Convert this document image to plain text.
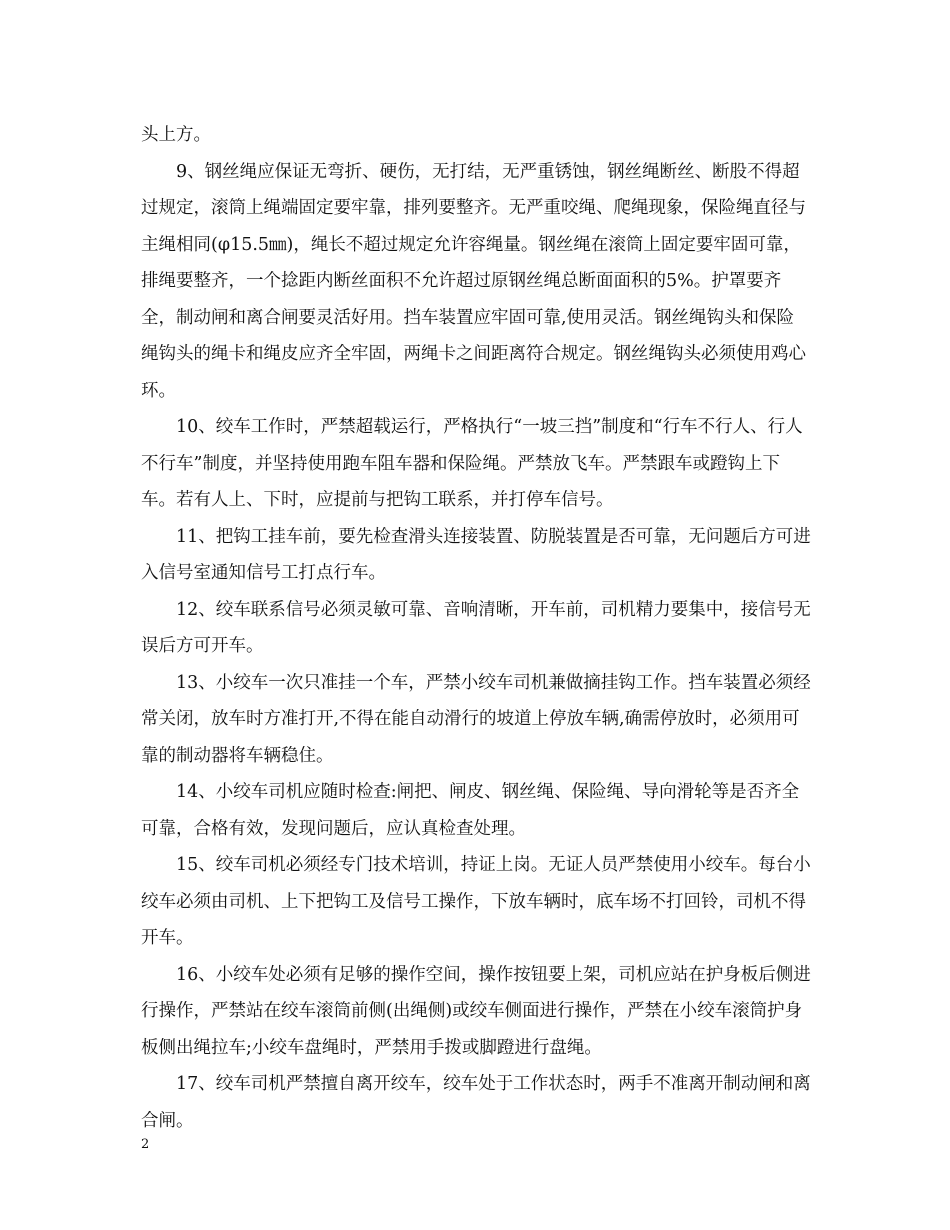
头上方。

9、钢丝绳应保证无弯折、硬伤，无打结，无严重锈蚀，钢丝绳断丝、断股不得超过规定，滚筒上绳端固定要牢靠，排列要整齐。无严重咬绳、爬绳现象，保险绳直径与主绳相同(φ15.5㎜)，绳长不超过规定允许容绳量。钢丝绳在滚筒上固定要牢固可靠，排绳要整齐，一个捻距内断丝面积不允许超过原钢丝绳总断面面积的5%。护罩要齐全，制动闸和离合闸要灵活好用。挡车装置应牢固可靠,使用灵活。钢丝绳钩头和保险绳钩头的绳卡和绳皮应齐全牢固，两绳卡之间距离符合规定。钢丝绳钩头必须使用鸡心环。

10、绞车工作时，严禁超载运行，严格执行“一坡三挡”制度和“行车不行人、行人不行车”制度，并坚持使用跑车阻车器和保险绳。严禁放飞车。严禁跟车或蹬钩上下车。若有人上、下时，应提前与把钩工联系，并打停车信号。

11、把钩工挂车前，要先检查滑头连接装置、防脱装置是否可靠，无问题后方可进入信号室通知信号工打点行车。

12、绞车联系信号必须灵敏可靠、音响清晰，开车前，司机精力要集中，接信号无误后方可开车。

13、小绞车一次只准挂一个车，严禁小绞车司机兼做摘挂钩工作。挡车装置必须经常关闭，放车时方准打开,不得在能自动滑行的坡道上停放车辆,确需停放时，必须用可靠的制动器将车辆稳住。

14、小绞车司机应随时检查:闸把、闸皮、钢丝绳、保险绳、导向滑轮等是否齐全可靠，合格有效，发现问题后，应认真检查处理。

15、绞车司机必须经专门技术培训，持证上岗。无证人员严禁使用小绞车。每台小绞车必须由司机、上下把钩工及信号工操作，下放车辆时，底车场不打回铃，司机不得开车。

16、小绞车处必须有足够的操作空间，操作按钮要上架，司机应站在护身板后侧进行操作，严禁站在绞车滚筒前侧(出绳侧)或绞车侧面进行操作，严禁在小绞车滚筒护身板侧出绳拉车;小绞车盘绳时，严禁用手拨或脚蹬进行盘绳。

17、绞车司机严禁擅自离开绞车，绞车处于工作状态时，两手不准离开制动闸和离合闸。

2
